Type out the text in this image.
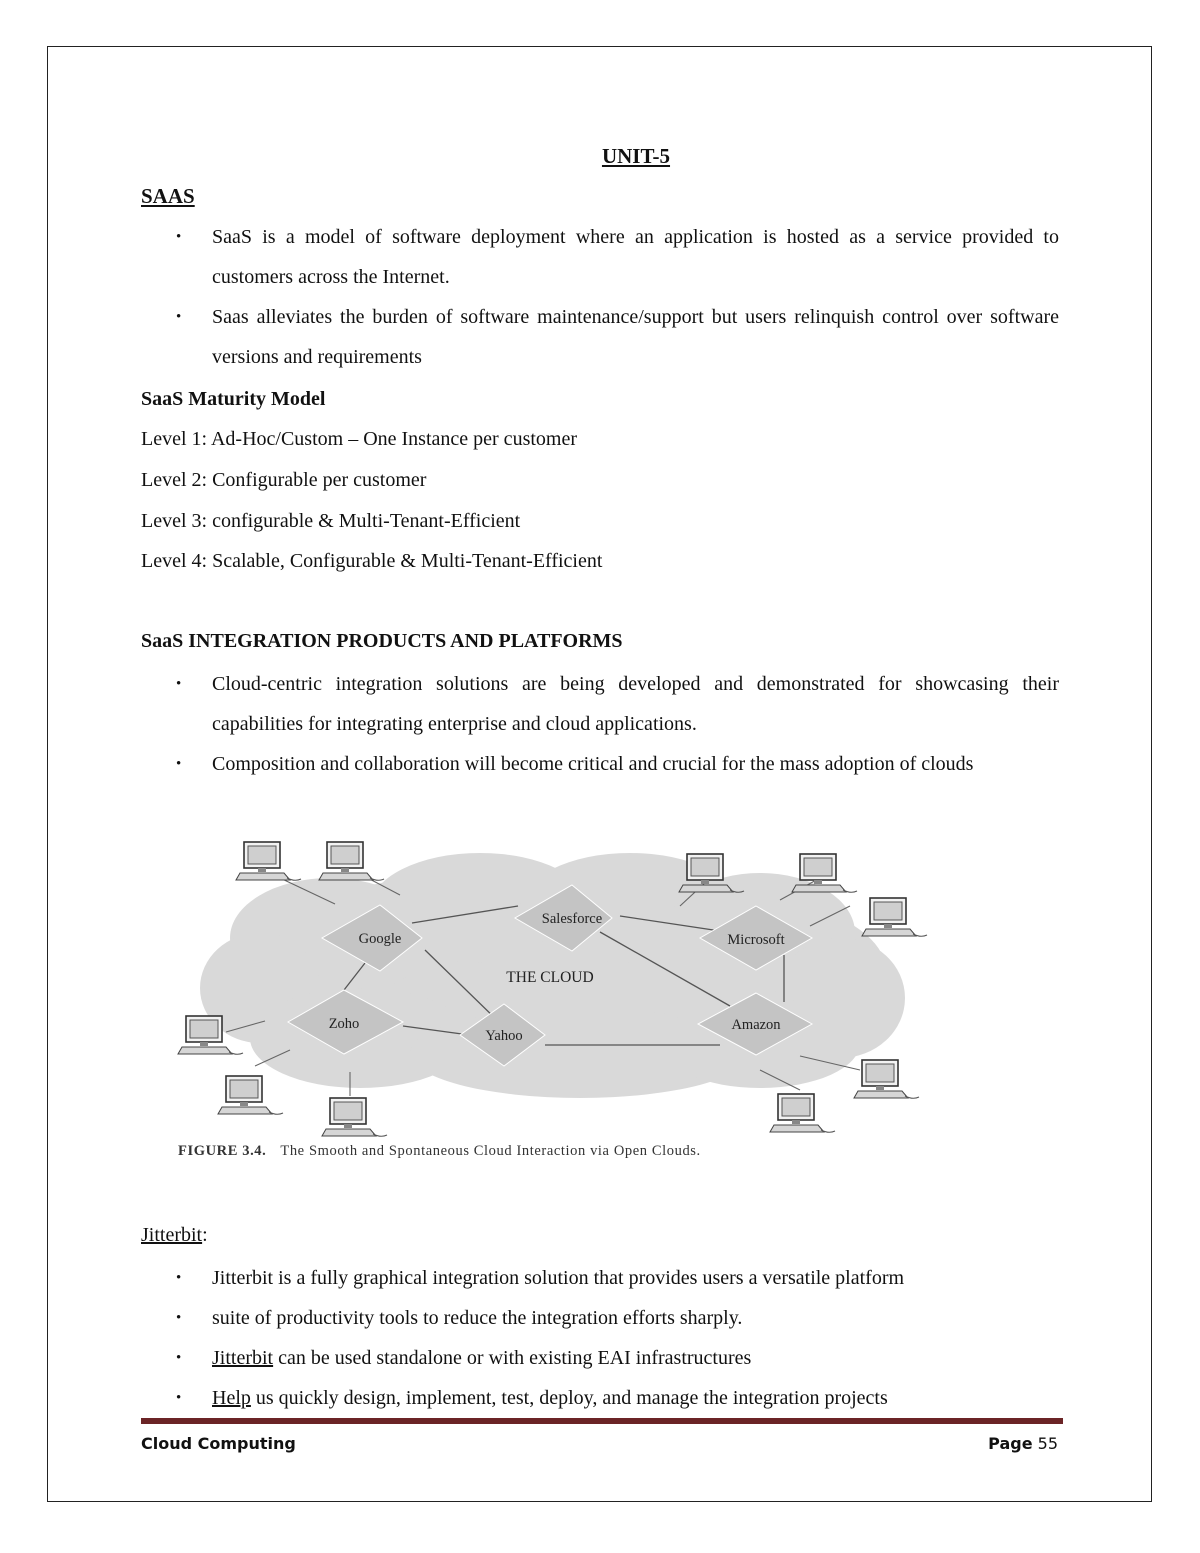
UNIT-5
SAAS
• SaaS is a model of software deployment where an application is hosted as a service provided to customers across the Internet.
• Saas alleviates the burden of software maintenance/support but users relinquish control over software versions and requirements
SaaS Maturity Model
Level 1: Ad-Hoc/Custom – One Instance per customer
Level 2: Configurable per customer
Level 3: configurable & Multi-Tenant-Efficient
Level 4: Scalable, Configurable & Multi-Tenant-Efficient
SaaS INTEGRATION PRODUCTS AND PLATFORMS
• Cloud-centric integration solutions are being developed and demonstrated for showcasing their capabilities for integrating enterprise and cloud applications.
• Composition and collaboration will become critical and crucial for the mass adoption of clouds
Google
Salesforce
Microsoft
Zoho
Yahoo
Amazon
THE CLOUD
FIGURE 3.4. The Smooth and Spontaneous Cloud Interaction via Open Clouds.
Jitterbit:
• Jitterbit is a fully graphical integration solution that provides users a versatile platform
• suite of productivity tools to reduce the integration efforts sharply.
• Jitterbit can be used standalone or with existing EAI infrastructures
• Help us quickly design, implement, test, deploy, and manage the integration projects
Cloud Computing	Page 55
